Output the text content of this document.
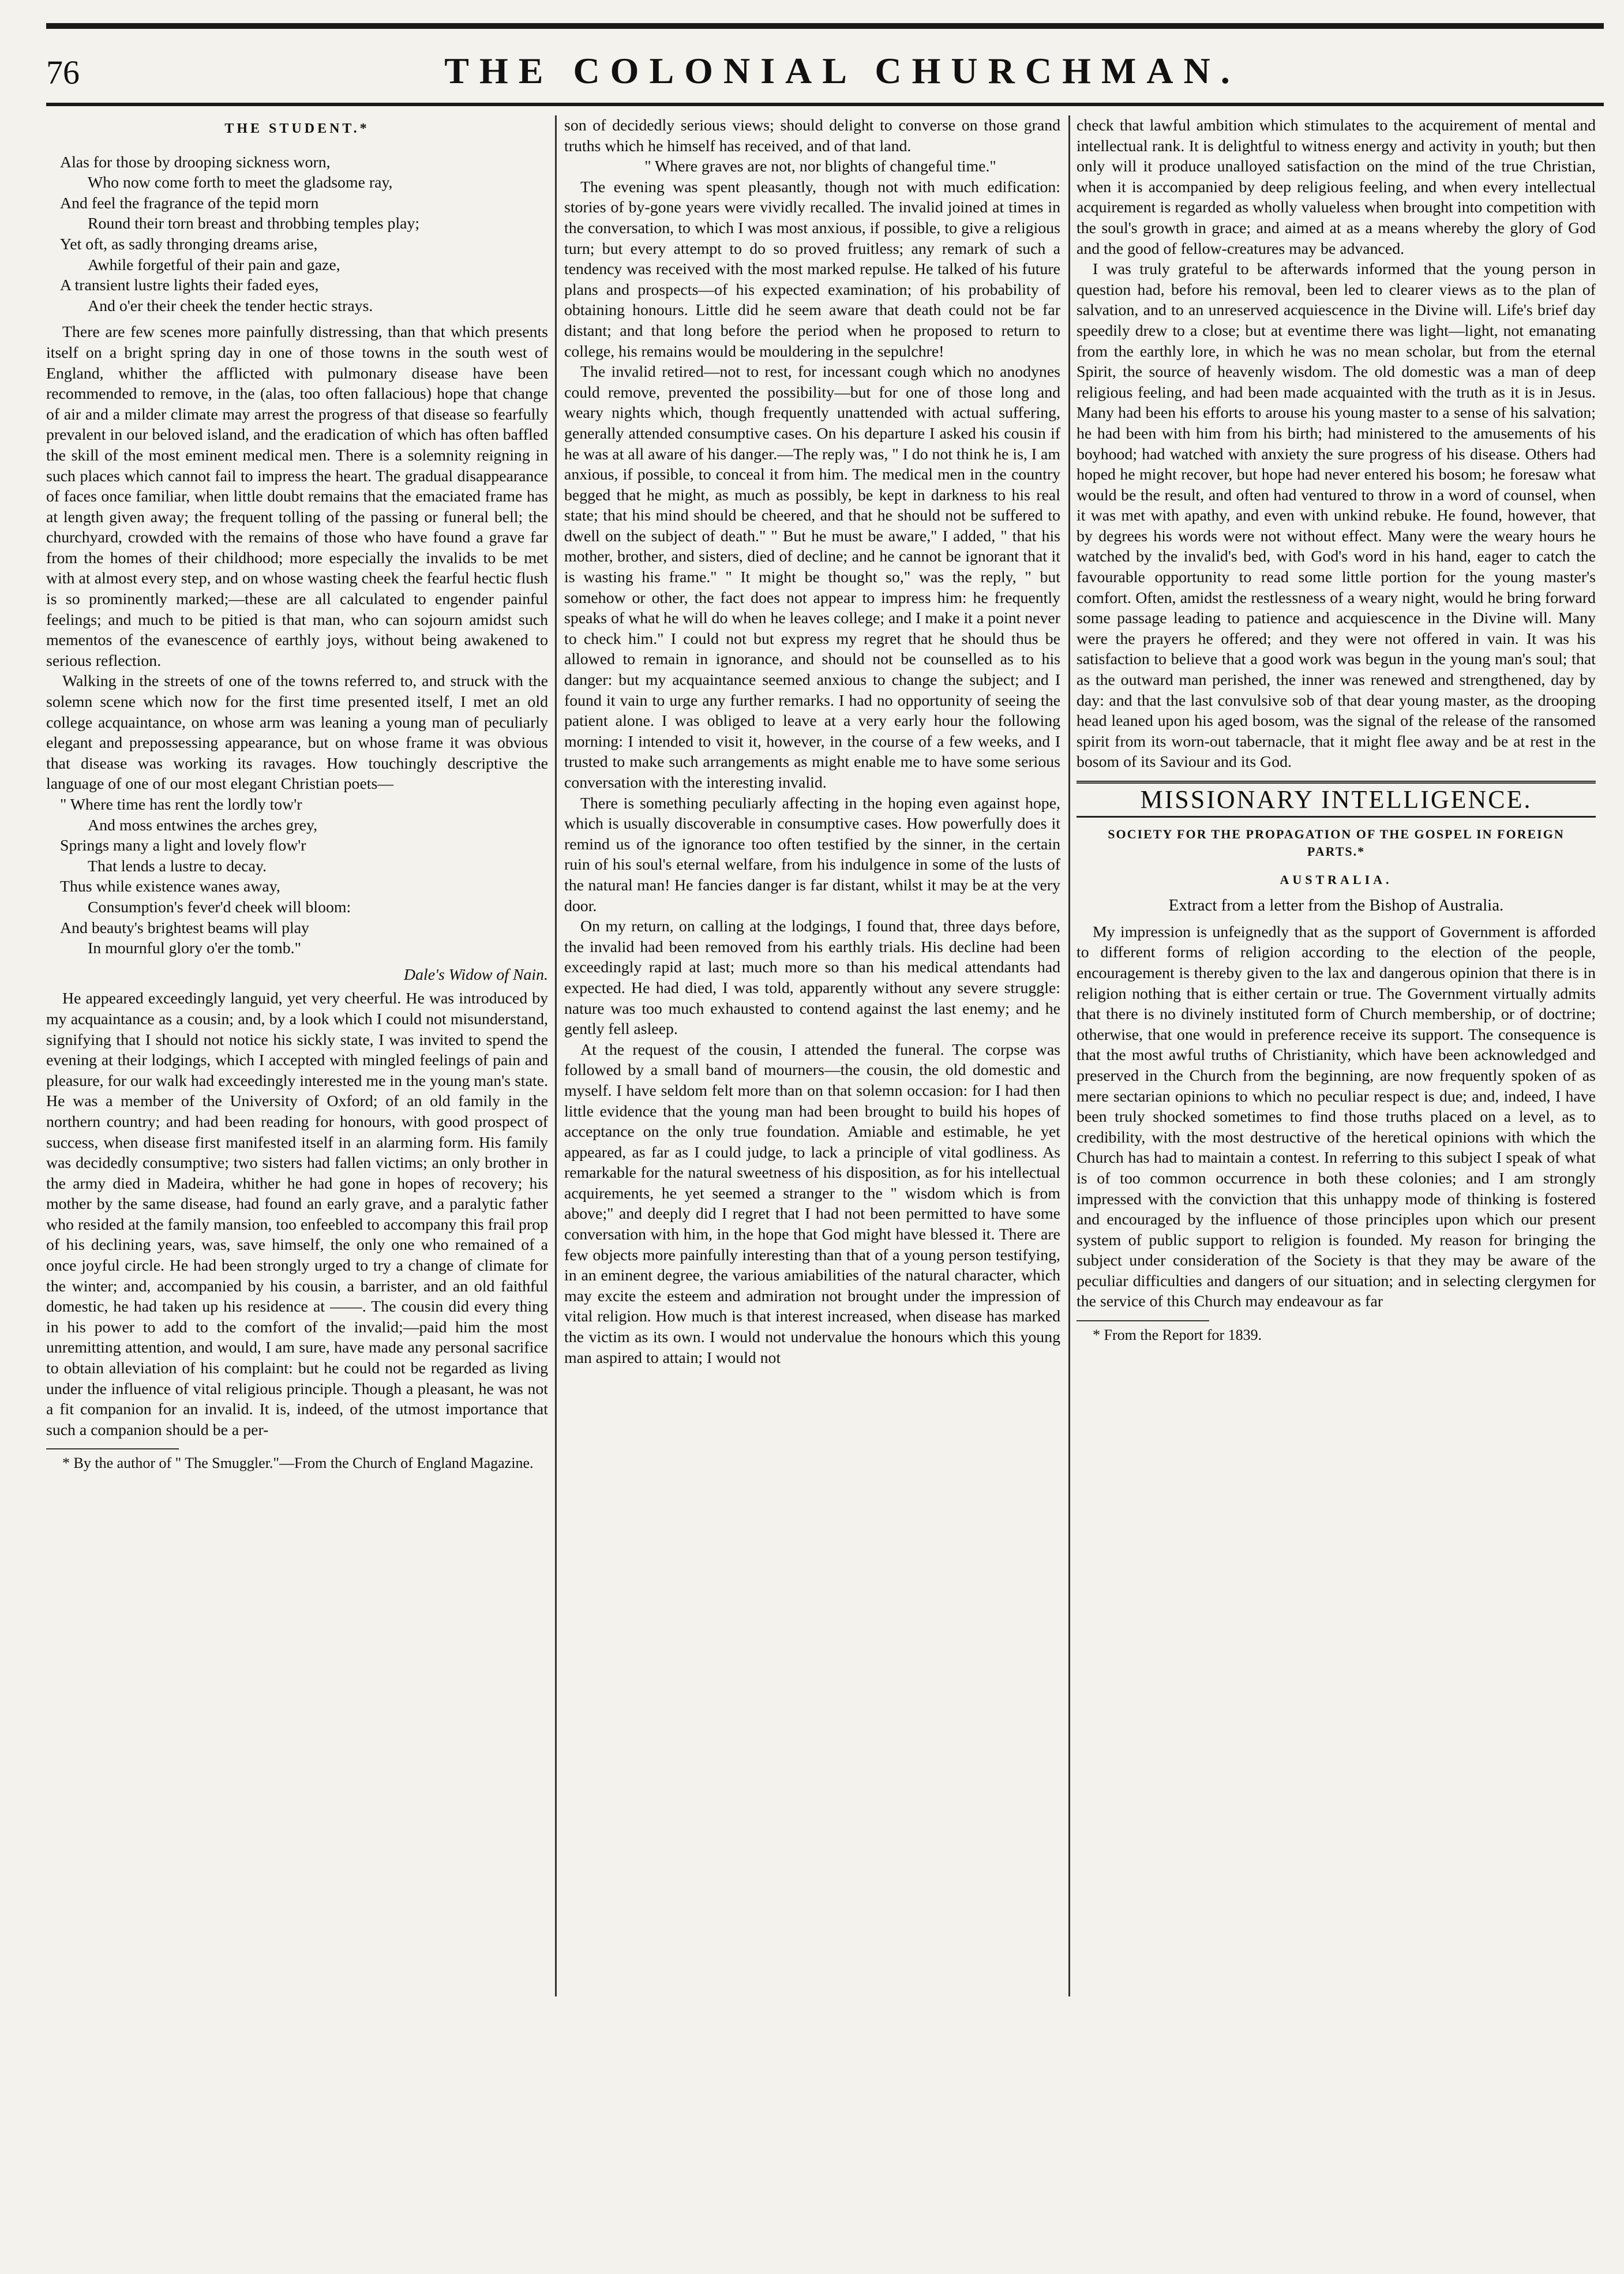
76	THE COLONIAL CHURCHMAN.
THE STUDENT.*
Alas for those by drooping sickness worn,
Who now come forth to meet the gladsome ray,
And feel the fragrance of the tepid morn
Round their torn breast and throbbing temples play;
Yet oft, as sadly thronging dreams arise,
Awhile forgetful of their pain and gaze,
A transient lustre lights their faded eyes,
And o'er their cheek the tender hectic strays.

There are few scenes more painfully distressing, than that which presents itself on a bright spring day in one of those towns in the south west of England, whither the afflicted with pulmonary disease have been recommended to remove, in the (alas, too often fallacious) hope that change of air and a milder climate may arrest the progress of that disease so fearfully prevalent in our beloved island, and the eradication of which has often baffled the skill of the most eminent medical men. There is a solemnity reigning in such places which cannot fail to impress the heart. The gradual disappearance of faces once familiar, when little doubt remains that the emaciated frame has at length given away; the frequent tolling of the passing or funeral bell; the churchyard, crowded with the remains of those who have found a grave far from the homes of their childhood; more especially the invalids to be met with at almost every step, and on whose wasting cheek the fearful hectic flush is so prominently marked;—these are all calculated to engender painful feelings; and much to be pitied is that man, who can sojourn amidst such mementos of the evanescence of earthly joys, without being awakened to serious reflection.

Walking in the streets of one of the towns referred to, and struck with the solemn scene which now for the first time presented itself, I met an old college acquaintance, on whose arm was leaning a young man of peculiarly elegant and prepossessing appearance, but on whose frame it was obvious that disease was working its ravages. How touchingly descriptive the language of one of our most elegant Christian poets—

" Where time has rent the lordly tow'r
And moss entwines the arches grey,
Springs many a light and lovely flow'r
That lends a lustre to decay.
Thus while existence wanes away,
Consumption's fever'd cheek will bloom:
And beauty's brightest beams will play
In mournful glory o'er the tomb."
Dale's Widow of Nain.

He appeared exceedingly languid, yet very cheerful. He was introduced by my acquaintance as a cousin; and, by a look which I could not misunderstand, signifying that I should not notice his sickly state, I was invited to spend the evening at their lodgings, which I accepted with mingled feelings of pain and pleasure, for our walk had exceedingly interested me in the young man's state. He was a member of the University of Oxford; of an old family in the northern country; and had been reading for honours, with good prospect of success, when disease first manifested itself in an alarming form. His family was decidedly consumptive; two sisters had fallen victims; an only brother in the army died in Madeira, whither he had gone in hopes of recovery; his mother by the same disease, had found an early grave, and a paralytic father who resided at the family mansion, too enfeebled to accompany this frail prop of his declining years, was, save himself, the only one who remained of a once joyful circle. He had been strongly urged to try a change of climate for the winter; and, accompanied by his cousin, a barrister, and an old faithful domestic, he had taken up his residence at ——. The cousin did every thing in his power to add to the comfort of the invalid;—paid him the most unremitting attention, and would, I am sure, have made any personal sacrifice to obtain alleviation of his complaint: but he could not be regarded as living under the influence of vital religious principle. Though a pleasant, he was not a fit companion for an invalid. It is, indeed, of the utmost importance that such a companion should be a per-

* By the author of " The Smuggler."—From the Church of England Magazine.

son of decidedly serious views; should delight to converse on those grand truths which he himself has received, and of that land.

" Where graves are not, nor blights of changeful time."

The evening was spent pleasantly, though not with much edification: stories of by-gone years were vividly recalled. The invalid joined at times in the conversation, to which I was most anxious, if possible, to give a religious turn; but every attempt to do so proved fruitless; any remark of such a tendency was received with the most marked repulse. He talked of his future plans and prospects—of his expected examination; of his probability of obtaining honours. Little did he seem aware that death could not be far distant; and that long before the period when he proposed to return to college, his remains would be mouldering in the sepulchre!

The invalid retired—not to rest, for incessant cough which no anodynes could remove, prevented the possibility—but for one of those long and weary nights which, though frequently unattended with actual suffering, generally attended consumptive cases. On his departure I asked his cousin if he was at all aware of his danger.—The reply was, " I do not think he is, I am anxious, if possible, to conceal it from him. The medical men in the country begged that he might, as much as possibly, be kept in darkness to his real state; that his mind should be cheered, and that he should not be suffered to dwell on the subject of death." " But he must be aware," I added, " that his mother, brother, and sisters, died of decline; and he cannot be ignorant that it is wasting his frame." " It might be thought so," was the reply, " but somehow or other, the fact does not appear to impress him: he frequently speaks of what he will do when he leaves college; and I make it a point never to check him." I could not but express my regret that he should thus be allowed to remain in ignorance, and should not be counselled as to his danger: but my acquaintance seemed anxious to change the subject; and I found it vain to urge any further remarks. I had no opportunity of seeing the patient alone. I was obliged to leave at a very early hour the following morning: I intended to visit it, however, in the course of a few weeks, and I trusted to make such arrangements as might enable me to have some serious conversation with the interesting invalid.

There is something peculiarly affecting in the hoping even against hope, which is usually discoverable in consumptive cases. How powerfully does it remind us of the ignorance too often testified by the sinner, in the certain ruin of his soul's eternal welfare, from his indulgence in some of the lusts of the natural man! He fancies danger is far distant, whilst it may be at the very door.

On my return, on calling at the lodgings, I found that, three days before, the invalid had been removed from his earthly trials. His decline had been exceedingly rapid at last; much more so than his medical attendants had expected. He had died, I was told, apparently without any severe struggle: nature was too much exhausted to contend against the last enemy; and he gently fell asleep.

At the request of the cousin, I attended the funeral. The corpse was followed by a small band of mourners—the cousin, the old domestic and myself. I have seldom felt more than on that solemn occasion: for I had then little evidence that the young man had been brought to build his hopes of acceptance on the only true foundation. Amiable and estimable, he yet appeared, as far as I could judge, to lack a principle of vital godliness. As remarkable for the natural sweetness of his disposition, as for his intellectual acquirements, he yet seemed a stranger to the " wisdom which is from above;" and deeply did I regret that I had not been permitted to have some conversation with him, in the hope that God might have blessed it. There are few objects more painfully interesting than that of a young person testifying, in an eminent degree, the various amiabilities of the natural character, which may excite the esteem and admiration not brought under the impression of vital religion. How much is that interest increased, when disease has marked the victim as its own. I would not undervalue the honours which this young man aspired to attain; I would not

check that lawful ambition which stimulates to the acquirement of mental and intellectual rank. It is delightful to witness energy and activity in youth; but then only will it produce unalloyed satisfaction on the mind of the true Christian, when it is accompanied by deep religious feeling, and when every intellectual acquirement is regarded as wholly valueless when brought into competition with the soul's growth in grace; and aimed at as a means whereby the glory of God and the good of fellow-creatures may be advanced.

I was truly grateful to be afterwards informed that the young person in question had, before his removal, been led to clearer views as to the plan of salvation, and to an unreserved acquiescence in the Divine will. Life's brief day speedily drew to a close; but at eventime there was light—light, not emanating from the earthly lore, in which he was no mean scholar, but from the eternal Spirit, the source of heavenly wisdom. The old domestic was a man of deep religious feeling, and had been made acquainted with the truth as it is in Jesus. Many had been his efforts to arouse his young master to a sense of his salvation; he had been with him from his birth; had ministered to the amusements of his boyhood; had watched with anxiety the sure progress of his disease. Others had hoped he might recover, but hope had never entered his bosom; he foresaw what would be the result, and often had ventured to throw in a word of counsel, when it was met with apathy, and even with unkind rebuke. He found, however, that by degrees his words were not without effect. Many were the weary hours he watched by the invalid's bed, with God's word in his hand, eager to catch the favourable opportunity to read some little portion for the young master's comfort. Often, amidst the restlessness of a weary night, would he bring forward some passage leading to patience and acquiescence in the Divine will. Many were the prayers he offered; and they were not offered in vain. It was his satisfaction to believe that a good work was begun in the young man's soul; that as the outward man perished, the inner was renewed and strengthened, day by day: and that the last convulsive sob of that dear young master, as the drooping head leaned upon his aged bosom, was the signal of the release of the ransomed spirit from its worn-out tabernacle, that it might flee away and be at rest in the bosom of its Saviour and its God.

MISSIONARY INTELLIGENCE.
SOCIETY FOR THE PROPAGATION OF THE GOSPEL IN FOREIGN PARTS.*
AUSTRALIA.
Extract from a letter from the Bishop of Australia.

My impression is unfeignedly that as the support of Government is afforded to different forms of religion according to the election of the people, encouragement is thereby given to the lax and dangerous opinion that there is in religion nothing that is either certain or true. The Government virtually admits that there is no divinely instituted form of Church membership, or of doctrine; otherwise, that one would in preference receive its support. The consequence is that the most awful truths of Christianity, which have been acknowledged and preserved in the Church from the beginning, are now frequently spoken of as mere sectarian opinions to which no peculiar respect is due; and, indeed, I have been truly shocked sometimes to find those truths placed on a level, as to credibility, with the most destructive of the heretical opinions with which the Church has had to maintain a contest. In referring to this subject I speak of what is of too common occurrence in both these colonies; and I am strongly impressed with the conviction that this unhappy mode of thinking is fostered and encouraged by the influence of those principles upon which our present system of public support to religion is founded. My reason for bringing the subject under consideration of the Society is that they may be aware of the peculiar difficulties and dangers of our situation; and in selecting clergymen for the service of this Church may endeavour as far

* From the Report for 1839.
